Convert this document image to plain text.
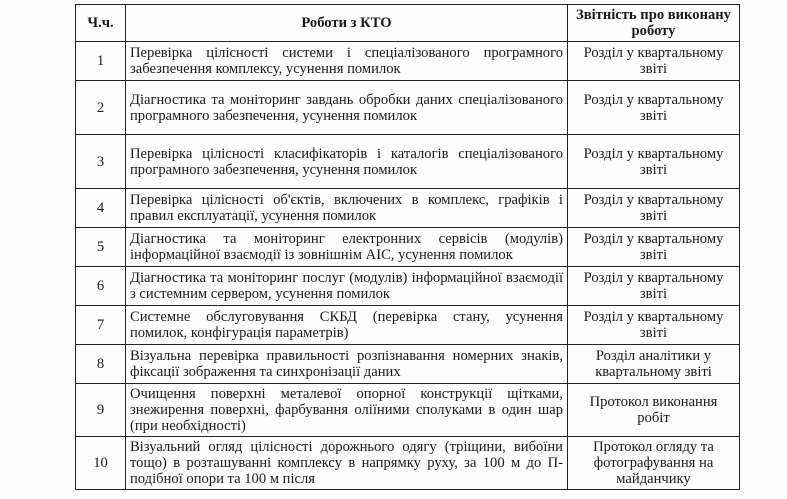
Ч.ч.	Роботи з КТО	Звітність про виконану роботу
1	Перевірка цілісності системи і спеціалізованого програмного забезпечення комплексу, усунення помилок	Розділ у квартальному звіті
2	Діагностика та моніторинг завдань обробки даних спеціалізованого програмного забезпечення, усунення помилок	Розділ у квартальному звіті
3	Перевірка цілісності класифікаторів і каталогів спеціалізованого програмного забезпечення, усунення помилок	Розділ у квартальному звіті
4	Перевірка цілісності об'єктів, включених в комплекс, графіків і правил експлуатації, усунення помилок	Розділ у квартальному звіті
5	Діагностика та моніторинг електронних сервісів (модулів) інформаційної взаємодії із зовнішнім АІС, усунення помилок	Розділ у квартальному звіті
6	Діагностика та моніторинг послуг (модулів) інформаційної взаємодії з системним сервером, усунення помилок	Розділ у квартальному звіті
7	Системне обслуговування СКБД (перевірка стану, усунення помилок, конфігурація параметрів)	Розділ у квартальному звіті
8	Візуальна перевірка правильності розпізнавання номерних знаків, фіксації зображення та синхронізації даних	Розділ аналітики у квартальному звіті
9	Очищення поверхні металевої опорної конструкції щітками, знежирення поверхні, фарбування оліїними сполуками в один шар (при необхідності)	Протокол виконання робіт
10	Візуальний огляд цілісності дорожнього одягу (тріщини, вибоїни тощо) в розташуванні комплексу в напрямку руху, за 100 м до П-подібної опори та 100 м після	Протокол огляду та фотографування на майданчику
